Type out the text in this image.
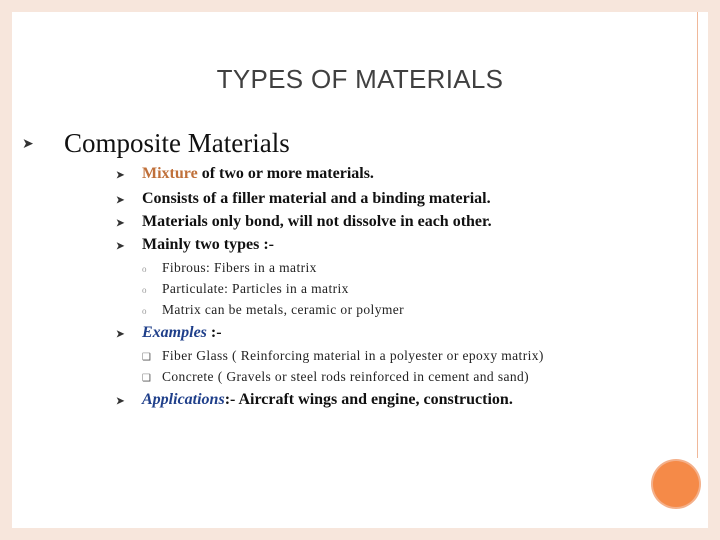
TYPES OF MATERIALS
➤	Composite Materials
➤	Mixture of two or more materials.
➤	Consists of a filler material and a binding material.
➤	Materials only bond, will not dissolve in each other.
➤	Mainly two types :-
o	Fibrous: Fibers in a matrix
o	Particulate: Particles in a matrix
o	Matrix can be metals, ceramic or polymer
➤	Examples :-
❑ Fiber Glass ( Reinforcing material in a polyester or epoxy matrix)
❑ Concrete ( Gravels or steel rods reinforced in cement and sand)
➤	Applications:- Aircraft wings and engine, construction.
